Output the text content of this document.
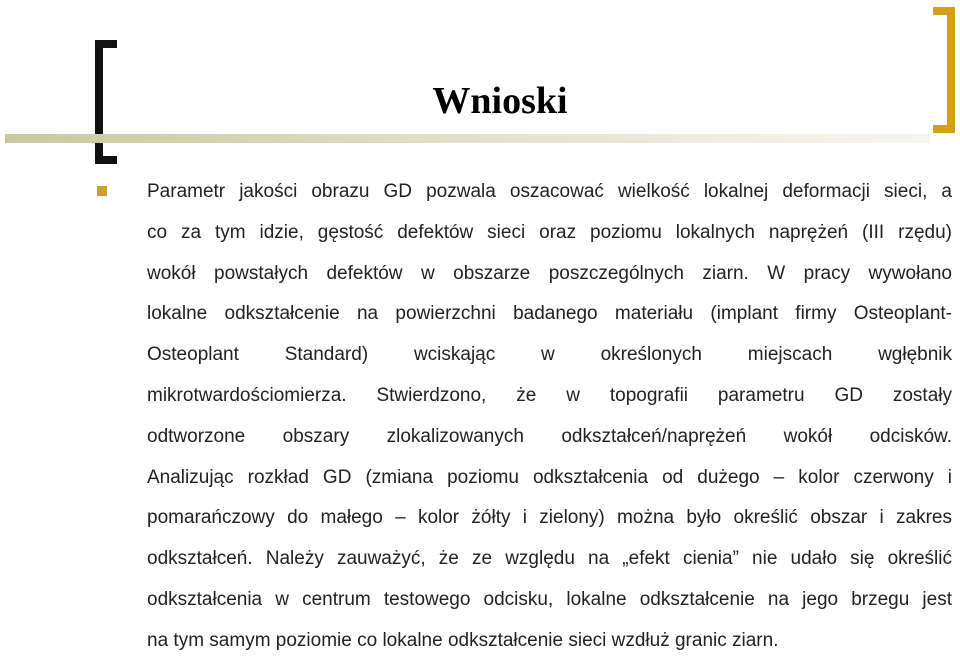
Wnioski
Parametr jakości obrazu GD pozwala oszacować wielkość lokalnej deformacji sieci, a
co za tym idzie, gęstość defektów sieci oraz poziomu lokalnych naprężeń (III rzędu)
wokół powstałych defektów w obszarze poszczególnych ziarn. W pracy wywołano
lokalne odkształcenie na powierzchni badanego materiału (implant firmy Osteoplant-
Osteoplant Standard) wciskając w określonych miejscach wgłębnik
mikrotwardościomierza. Stwierdzono, że w topografii parametru GD zostały
odtworzone obszary zlokalizowanych odkształceń/naprężeń wokół odcisków.
Analizując rozkład GD (zmiana poziomu odkształcenia od dużego – kolor czerwony i
pomarańczowy do małego – kolor żółty i zielony) można było określić obszar i zakres
odkształceń. Należy zauważyć, że ze względu na „efekt cienia” nie udało się określić
odkształcenia w centrum testowego odcisku, lokalne odkształcenie na jego brzegu jest
na tym samym poziomie co lokalne odkształcenie sieci wzdłuż granic ziarn.
